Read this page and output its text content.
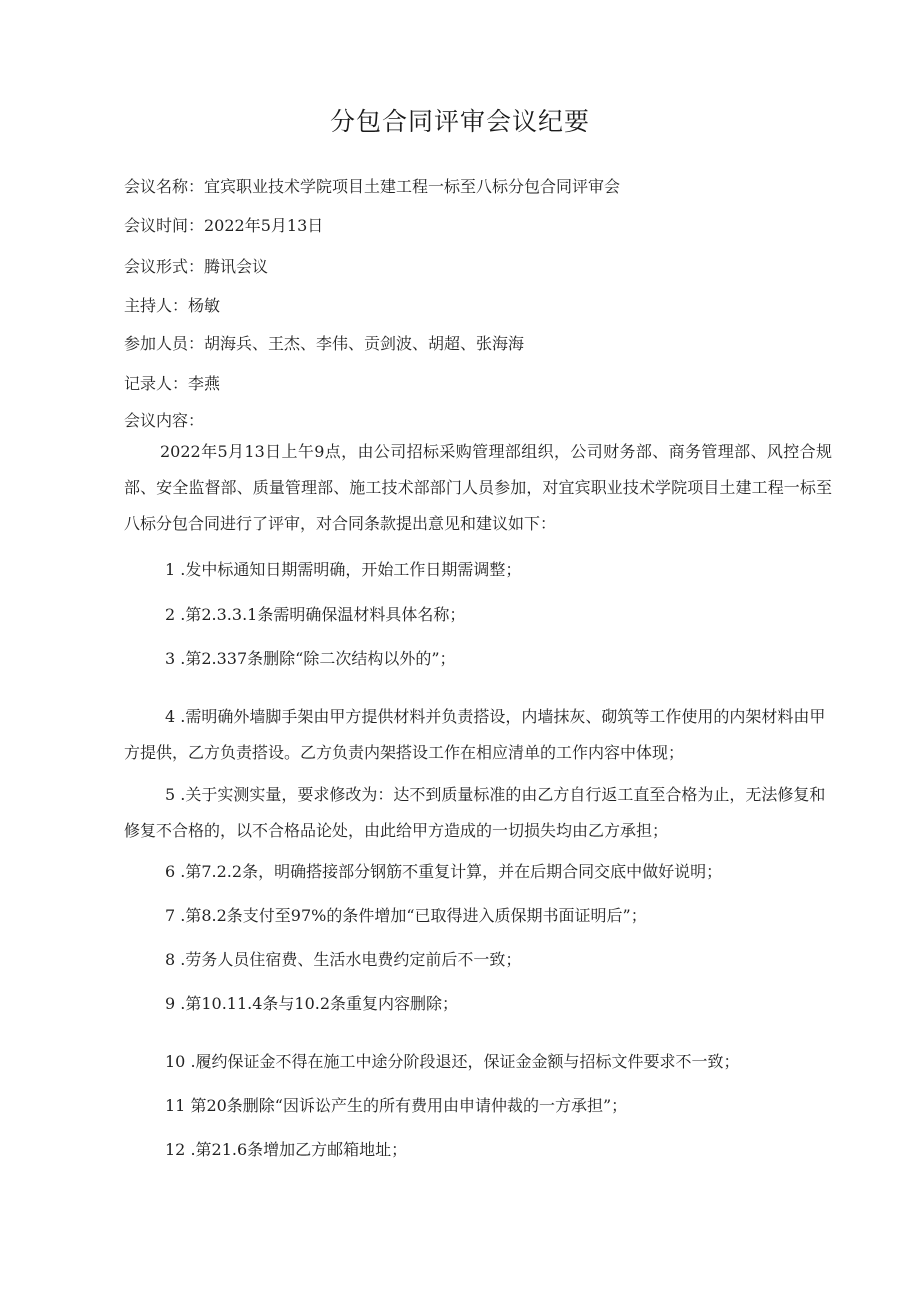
分包合同评审会议纪要
会议名称：宜宾职业技术学院项目土建工程一标至八标分包合同评审会
会议时间：2022年5月13日
会议形式：腾讯会议
主持人：杨敏
参加人员：胡海兵、王杰、李伟、贡剑波、胡超、张海海
记录人：李燕
会议内容：
2022年5月13日上午9点，由公司招标采购管理部组织，公司财务部、商务管理部、风控合规部、安全监督部、质量管理部、施工技术部部门人员参加，对宜宾职业技术学院项目土建工程一标至八标分包合同进行了评审，对合同条款提出意见和建议如下：
1 .发中标通知日期需明确，开始工作日期需调整；
2 .第2.3.3.1条需明确保温材料具体名称；
3 .第2.337条删除“除二次结构以外的”；
4 .需明确外墙脚手架由甲方提供材料并负责搭设，内墙抹灰、砌筑等工作使用的内架材料由甲方提供，乙方负责搭设。乙方负责内架搭设工作在相应清单的工作内容中体现；
5 .关于实测实量，要求修改为：达不到质量标准的由乙方自行返工直至合格为止，无法修复和修复不合格的，以不合格品论处，由此给甲方造成的一切损失均由乙方承担；
6 .第7.2.2条，明确搭接部分钢筋不重复计算，并在后期合同交底中做好说明；
7 .第8.2条支付至97%的条件增加“已取得进入质保期书面证明后”；
8 .劳务人员住宿费、生活水电费约定前后不一致；
9 .第10.11.4条与10.2条重复内容删除；
10 .履约保证金不得在施工中途分阶段退还，保证金金额与招标文件要求不一致；
11 第20条删除“因诉讼产生的所有费用由申请仲裁的一方承担”；
12 .第21.6条增加乙方邮箱地址；
